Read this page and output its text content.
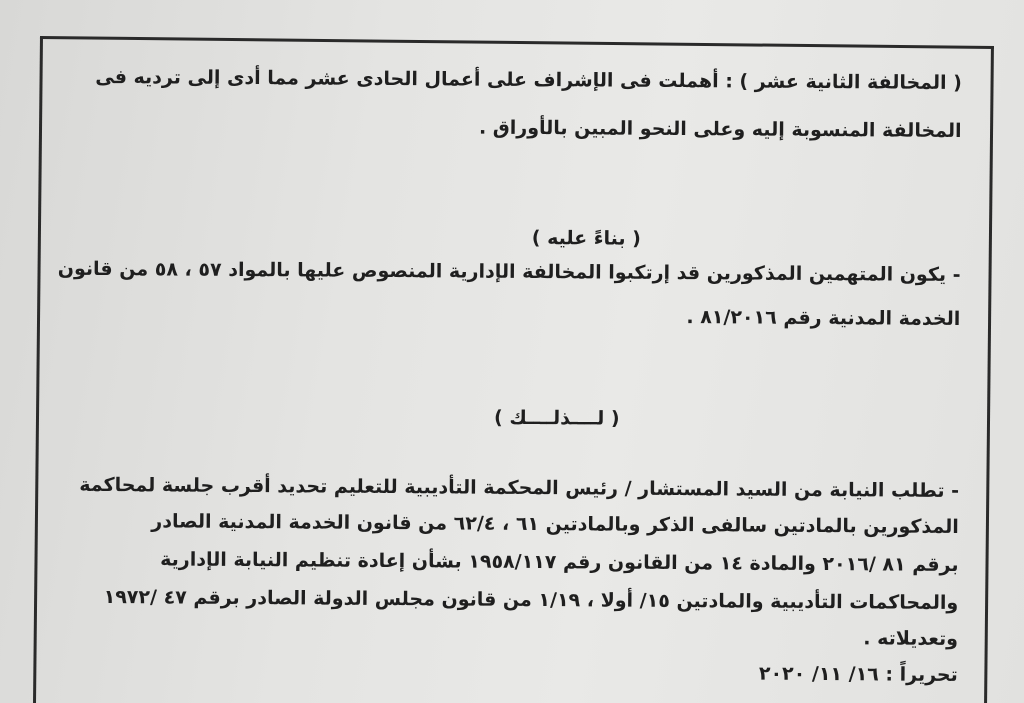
( المخالفة الثانية عشر ) : أهملت فى الإشراف على أعمال الحادى عشر مما أدى إلى ترديه فى
المخالفة المنسوبة إليه وعلى النحو المبين بالأوراق .
( بناءً عليه )
- يكون المتهمين المذكورين قد إرتكبوا المخالفة الإدارية المنصوص عليها بالمواد ٥٧ ، ٥٨ من قانون
الخدمة المدنية رقم ٨١/٢٠١٦ .
( لــــذلــــك )
- تطلب النيابة من السيد المستشار / رئيس المحكمة التأديبية للتعليم تحديد أقرب جلسة لمحاكمة
المذكورين بالمادتين سالفى الذكر وبالمادتين ٦١ ، ٦٢/٤ من قانون الخدمة المدنية الصادر
برقم ٨١ /٢٠١٦ والمادة ١٤ من القانون رقم ١٩٥٨/١١٧ بشأن إعادة تنظيم النيابة الإدارية
والمحاكمات التأديبية والمادتين ١٥/ أولا ، ١/١٩ من قانون مجلس الدولة الصادر برقم ٤٧ /١٩٧٢
وتعديلاته .
تحريراً : ١٦/ ١١/ ٢٠٢٠
